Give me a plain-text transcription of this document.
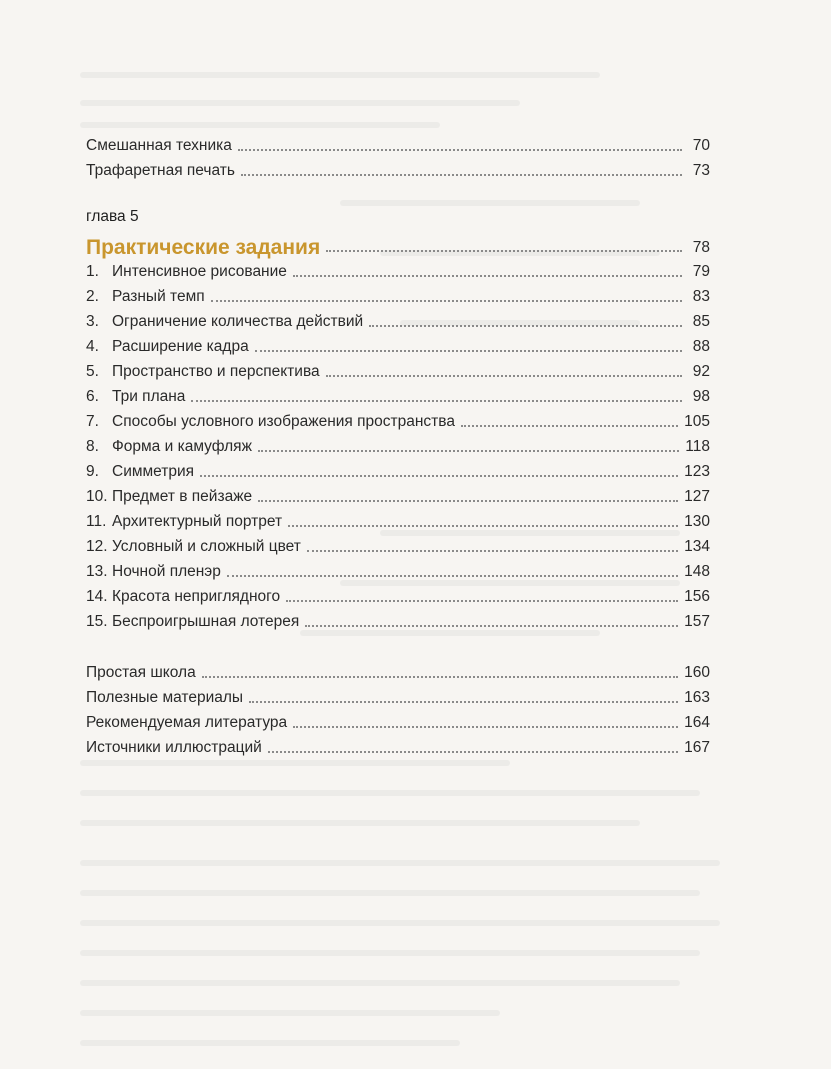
Смешанная техника	70
Трафаретная печать	73
глава 5
Практические задания	78
1. Интенсивное рисование	79
2. Разный темп	83
3. Ограничение количества действий	85
4. Расширение кадра	88
5. Пространство и перспектива	92
6. Три плана	98
7. Способы условного изображения пространства	105
8. Форма и камуфляж	118
9. Симметрия	123
10. Предмет в пейзаже	127
11. Архитектурный портрет	130
12. Условный и сложный цвет	134
13. Ночной пленэр	148
14. Красота неприглядного	156
15. Беспроигрышная лотерея	157
Простая школа	160
Полезные материалы	163
Рекомендуемая литература	164
Источники иллюстраций	167
